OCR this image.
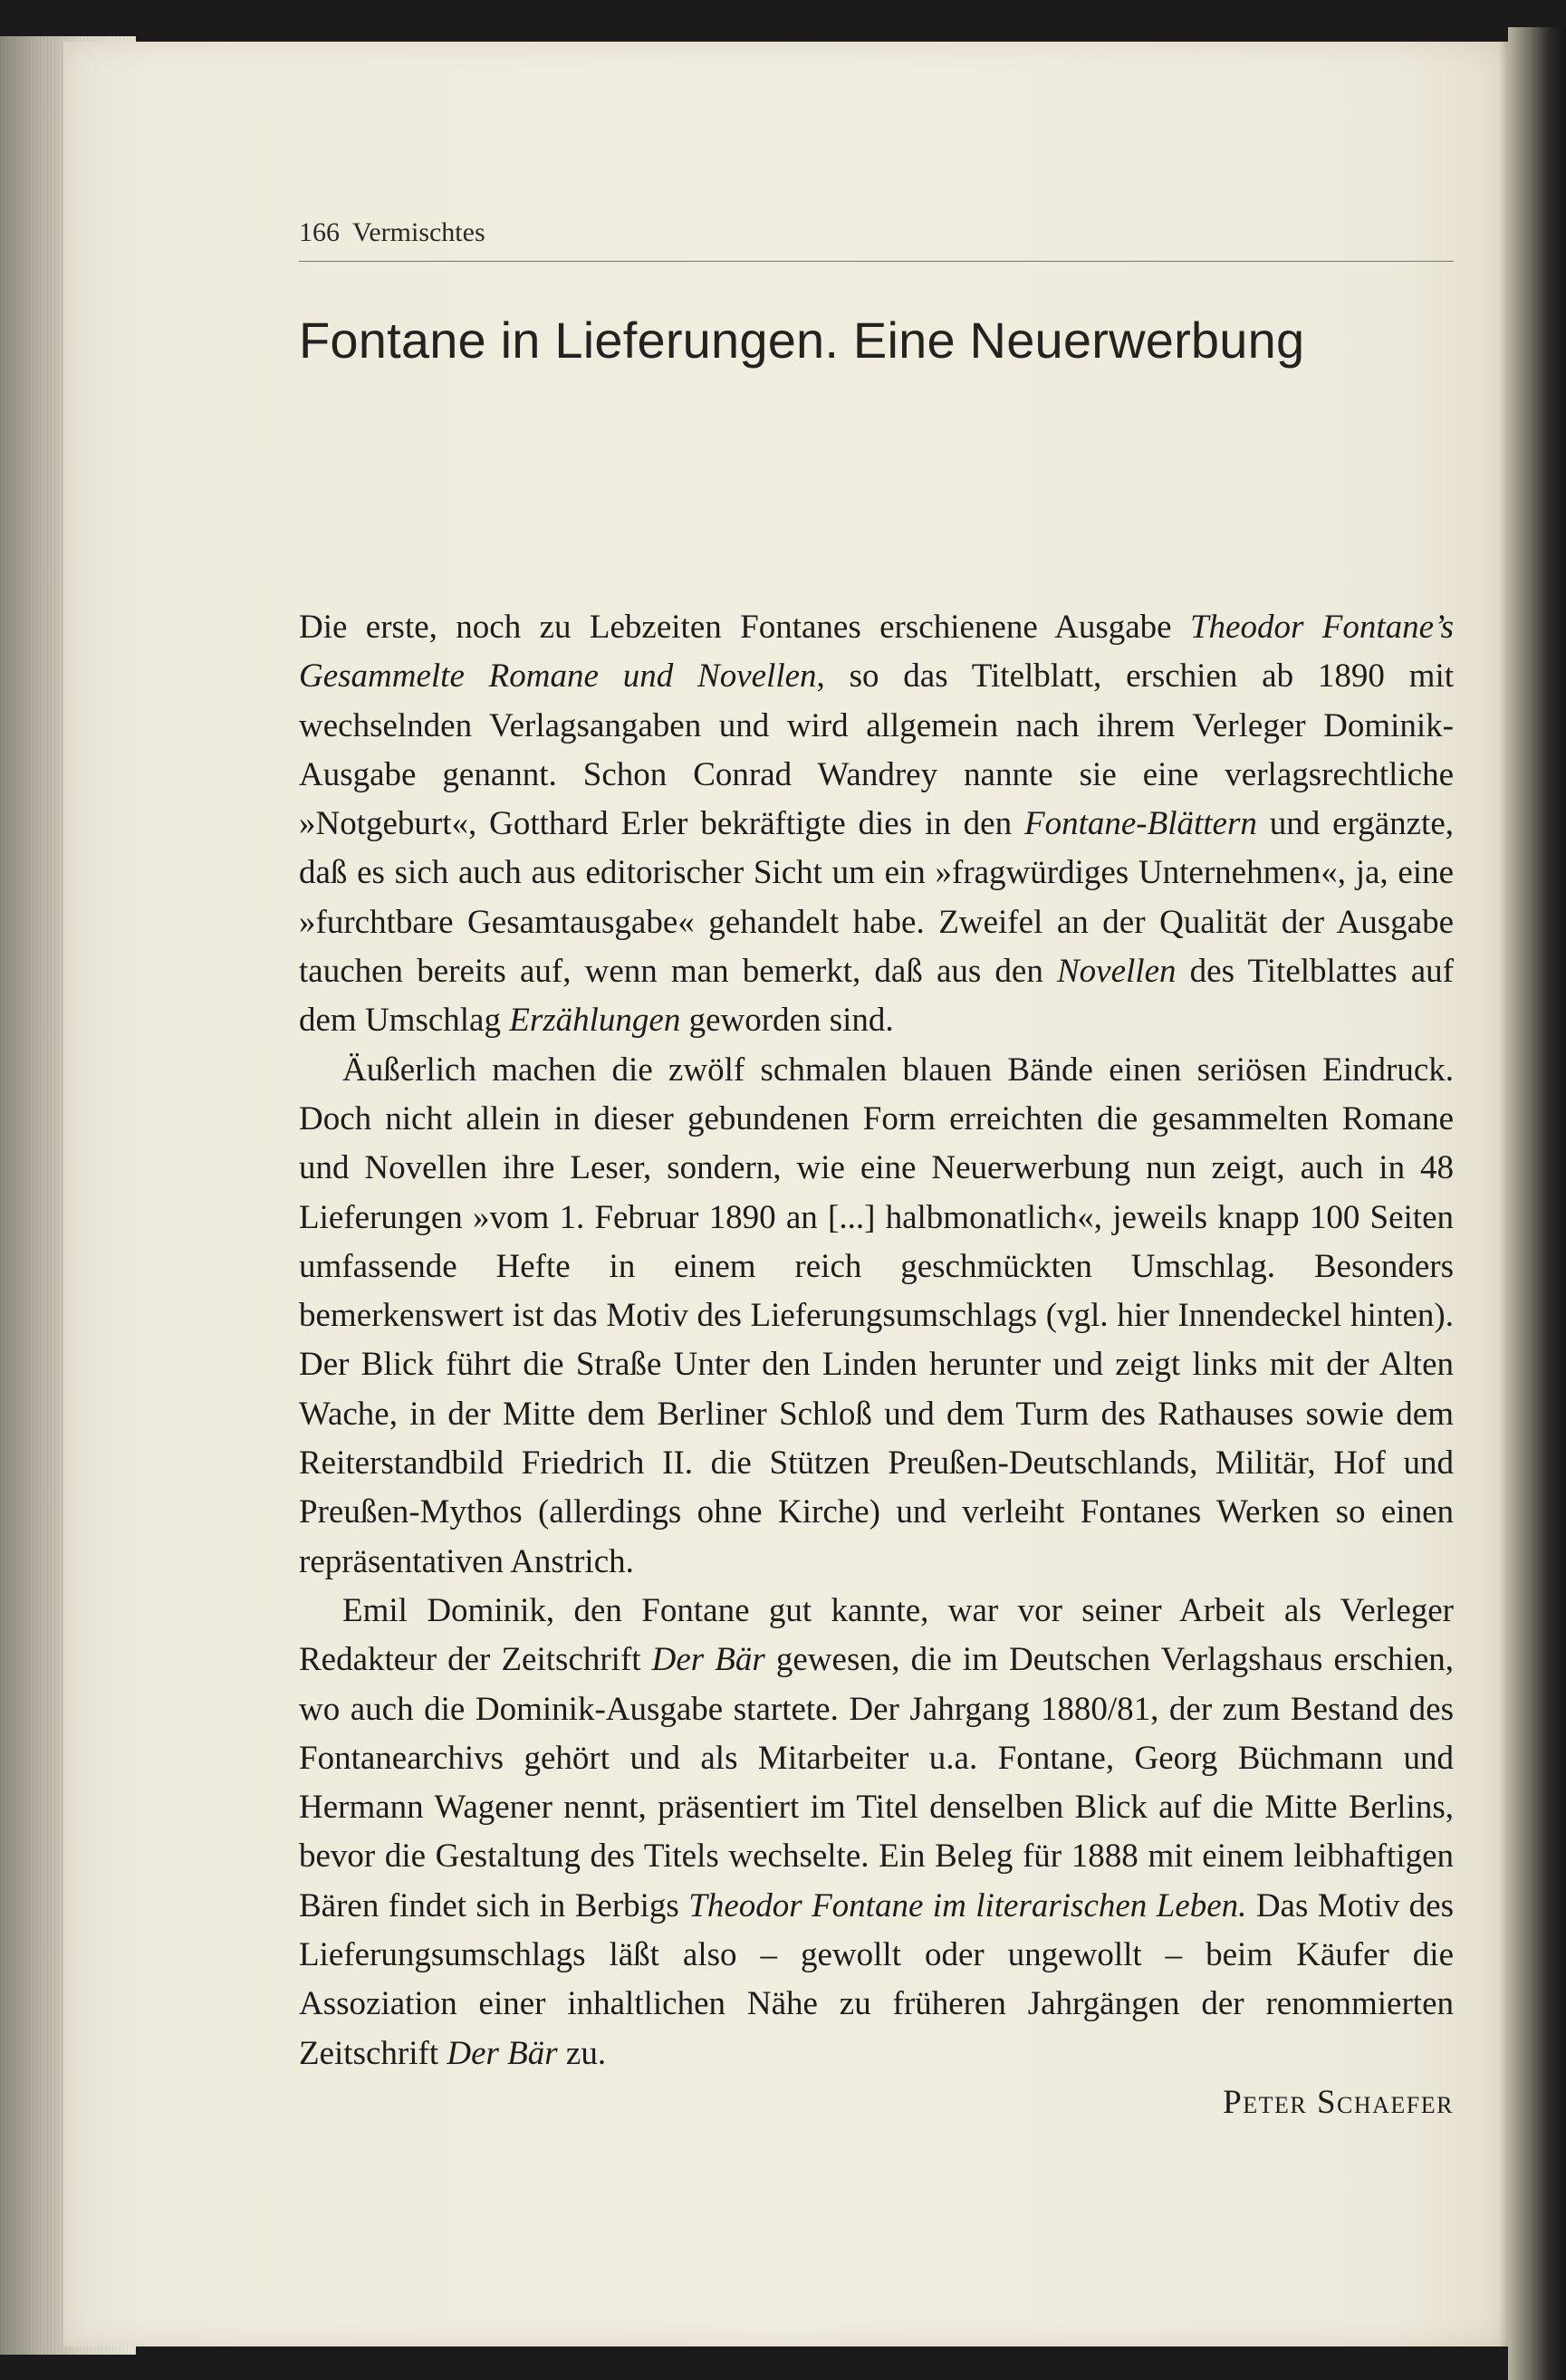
166 Vermischtes
Fontane in Lieferungen. Eine Neuerwerbung

Die erste, noch zu Lebzeiten Fontanes erschienene Ausgabe Theodor Fontane’s Gesammelte Romane und Novellen, so das Titelblatt, erschien ab 1890 mit wechselnden Verlagsangaben und wird allgemein nach ihrem Verleger Dominik-Ausgabe genannt. Schon Conrad Wandrey nannte sie eine verlagsrechtliche »Notgeburt«, Gotthard Erler bekräftigte dies in den Fontane-Blättern und ergänzte, daß es sich auch aus editorischer Sicht um ein »fragwürdiges Unternehmen«, ja, eine »furchtbare Gesamtausgabe« gehandelt habe. Zweifel an der Qualität der Ausgabe tauchen bereits auf, wenn man bemerkt, daß aus den Novellen des Titelblattes auf dem Umschlag Erzählungen geworden sind.

Äußerlich machen die zwölf schmalen blauen Bände einen seriösen Eindruck. Doch nicht allein in dieser gebundenen Form erreichten die gesammelten Romane und Novellen ihre Leser, sondern, wie eine Neuerwerbung nun zeigt, auch in 48 Lieferungen »vom 1. Februar 1890 an [...] halbmonatlich«, jeweils knapp 100 Seiten umfassende Hefte in einem reich geschmückten Umschlag. Besonders bemerkenswert ist das Motiv des Lieferungsumschlags (vgl. hier Innendeckel hinten). Der Blick führt die Straße Unter den Linden herunter und zeigt links mit der Alten Wache, in der Mitte dem Berliner Schloß und dem Turm des Rathauses sowie dem Reiterstandbild Friedrich II. die Stützen Preußen-Deutschlands, Militär, Hof und Preußen-Mythos (allerdings ohne Kirche) und verleiht Fontanes Werken so einen repräsentativen Anstrich.

Emil Dominik, den Fontane gut kannte, war vor seiner Arbeit als Verleger Redakteur der Zeitschrift Der Bär gewesen, die im Deutschen Verlagshaus erschien, wo auch die Dominik-Ausgabe startete. Der Jahrgang 1880/81, der zum Bestand des Fontanearchivs gehört und als Mitarbeiter u.a. Fontane, Georg Büchmann und Hermann Wagener nennt, präsentiert im Titel denselben Blick auf die Mitte Berlins, bevor die Gestaltung des Titels wechselte. Ein Beleg für 1888 mit einem leibhaftigen Bären findet sich in Berbigs Theodor Fontane im literarischen Leben. Das Motiv des Lieferungsumschlags läßt also – gewollt oder ungewollt – beim Käufer die Assoziation einer inhaltlichen Nähe zu früheren Jahrgängen der renommierten Zeitschrift Der Bär zu.

Peter Schaefer
